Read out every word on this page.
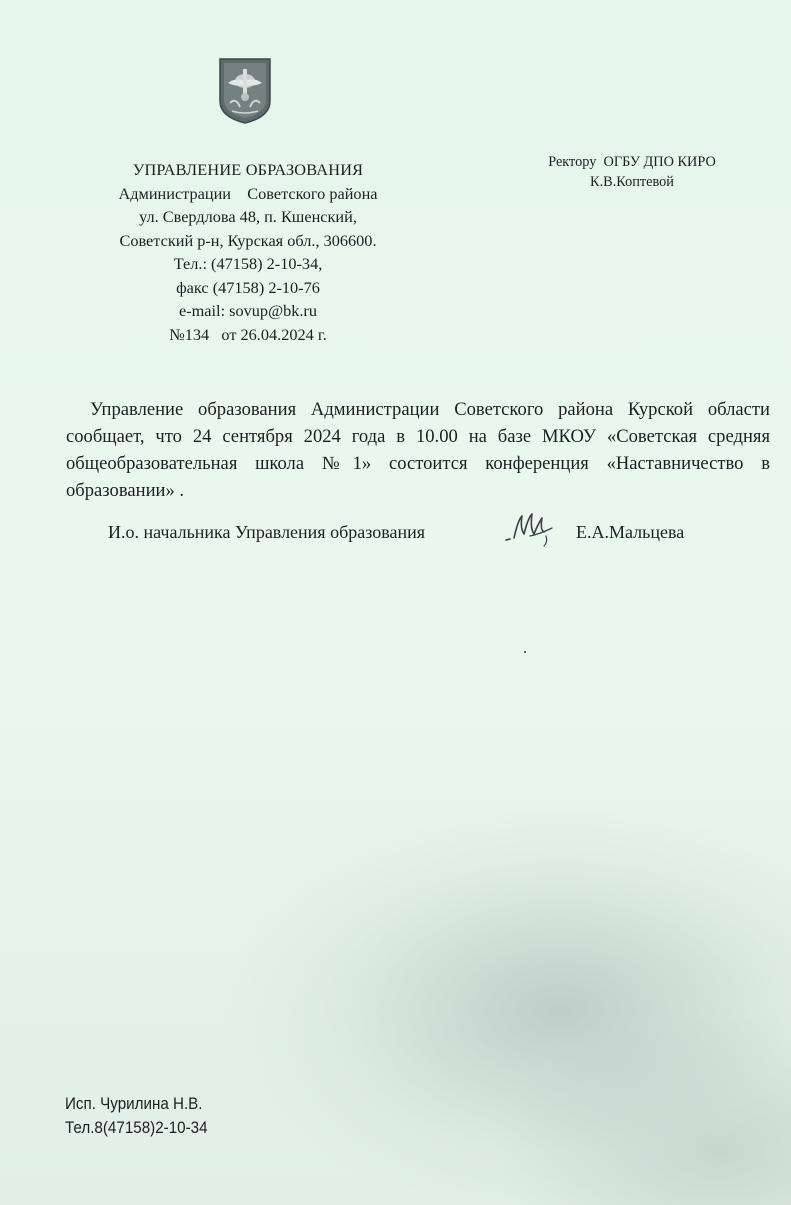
УПРАВЛЕНИЕ ОБРАЗОВАНИЯ
Администрации    Советского района
ул. Свердлова 48, п. Кшенский,
Советский р-н, Курская обл., 306600.
Тел.: (47158) 2-10-34,
факс (47158) 2-10-76
e-mail: sovup@bk.ru
№134   от 26.04.2024 г.
Ректору  ОГБУ ДПО КИРО
К.В.Коптевой

Управление образования Администрации Советского района Курской области сообщает, что 24 сентября 2024 года в 10.00 на базе МКОУ «Советская средняя общеобразовательная школа №1» состоится конференция «Наставничество в образовании» .

И.о. начальника Управления образования	Е.А.Мальцева
Исп. Чурилина Н.В.
Тел.8(47158)2-10-34
